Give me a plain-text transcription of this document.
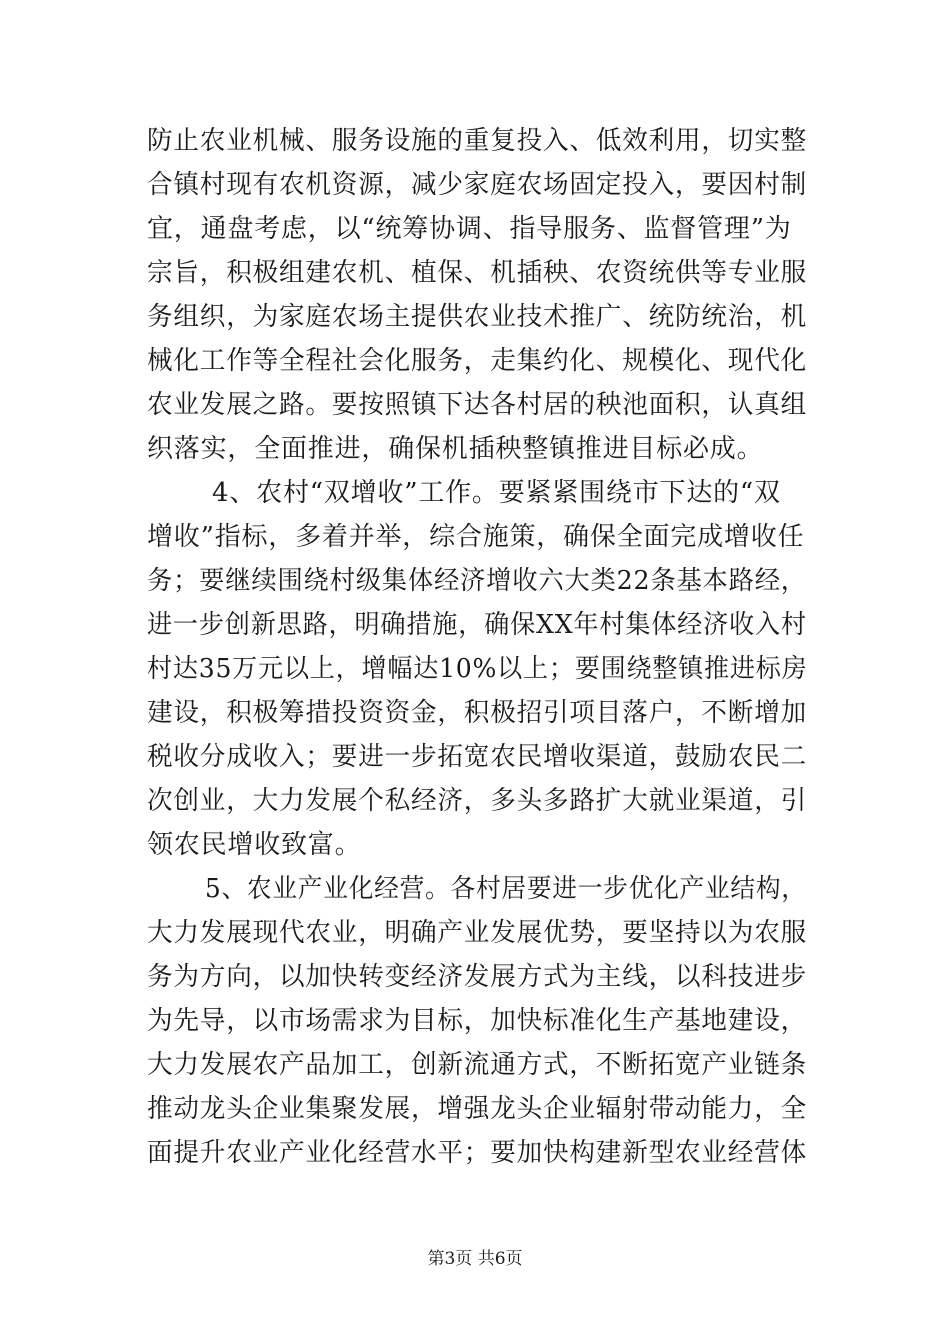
防止农业机械、服务设施的重复投入、低效利用，切实整
合镇村现有农机资源，减少家庭农场固定投入，要因村制
宜，通盘考虑，以“统筹协调、指导服务、监督管理”为
宗旨，积极组建农机、植保、机插秧、农资统供等专业服
务组织，为家庭农场主提供农业技术推广、统防统治，机
械化工作等全程社会化服务，走集约化、规模化、现代化
农业发展之路。要按照镇下达各村居的秧池面积，认真组
织落实，全面推进，确保机插秧整镇推进目标必成。
4、农村“双增收”工作。要紧紧围绕市下达的“双
增收”指标，多着并举，综合施策，确保全面完成增收任
务；要继续围绕村级集体经济增收六大类22条基本路经，
进一步创新思路，明确措施，确保XX年村集体经济收入村
村达35万元以上，增幅达10%以上；要围绕整镇推进标房
建设，积极筹措投资资金，积极招引项目落户，不断增加
税收分成收入；要进一步拓宽农民增收渠道，鼓励农民二
次创业，大力发展个私经济，多头多路扩大就业渠道，引
领农民增收致富。
5、农业产业化经营。各村居要进一步优化产业结构，
大力发展现代农业，明确产业发展优势，要坚持以为农服
务为方向，以加快转变经济发展方式为主线，以科技进步
为先导，以市场需求为目标，加快标准化生产基地建设，
大力发展农产品加工，创新流通方式，不断拓宽产业链条
推动龙头企业集聚发展，增强龙头企业辐射带动能力，全
面提升农业产业化经营水平；要加快构建新型农业经营体
第3页 共6页
